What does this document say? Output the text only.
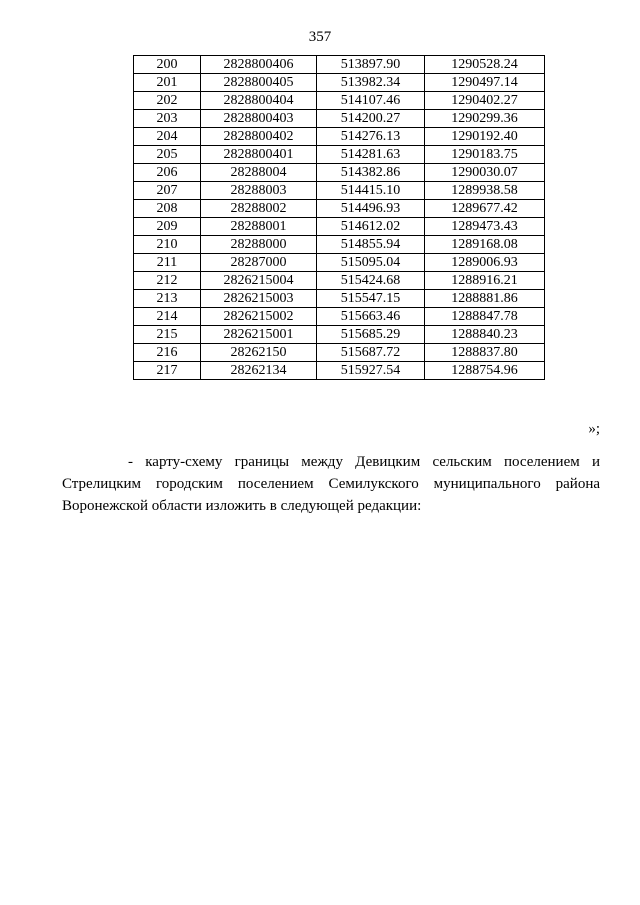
357
200	2828800406	513897.90	1290528.24
201	2828800405	513982.34	1290497.14
202	2828800404	514107.46	1290402.27
203	2828800403	514200.27	1290299.36
204	2828800402	514276.13	1290192.40
205	2828800401	514281.63	1290183.75
206	28288004	514382.86	1290030.07
207	28288003	514415.10	1289938.58
208	28288002	514496.93	1289677.42
209	28288001	514612.02	1289473.43
210	28288000	514855.94	1289168.08
211	28287000	515095.04	1289006.93
212	2826215004	515424.68	1288916.21
213	2826215003	515547.15	1288881.86
214	2826215002	515663.46	1288847.78
215	2826215001	515685.29	1288840.23
216	28262150	515687.72	1288837.80
217	28262134	515927.54	1288754.96
»;
- карту-схему границы между Девицким сельским поселением и Стрелицким городским поселением Семилукского муниципального района Воронежской области изложить в следующей редакции:
